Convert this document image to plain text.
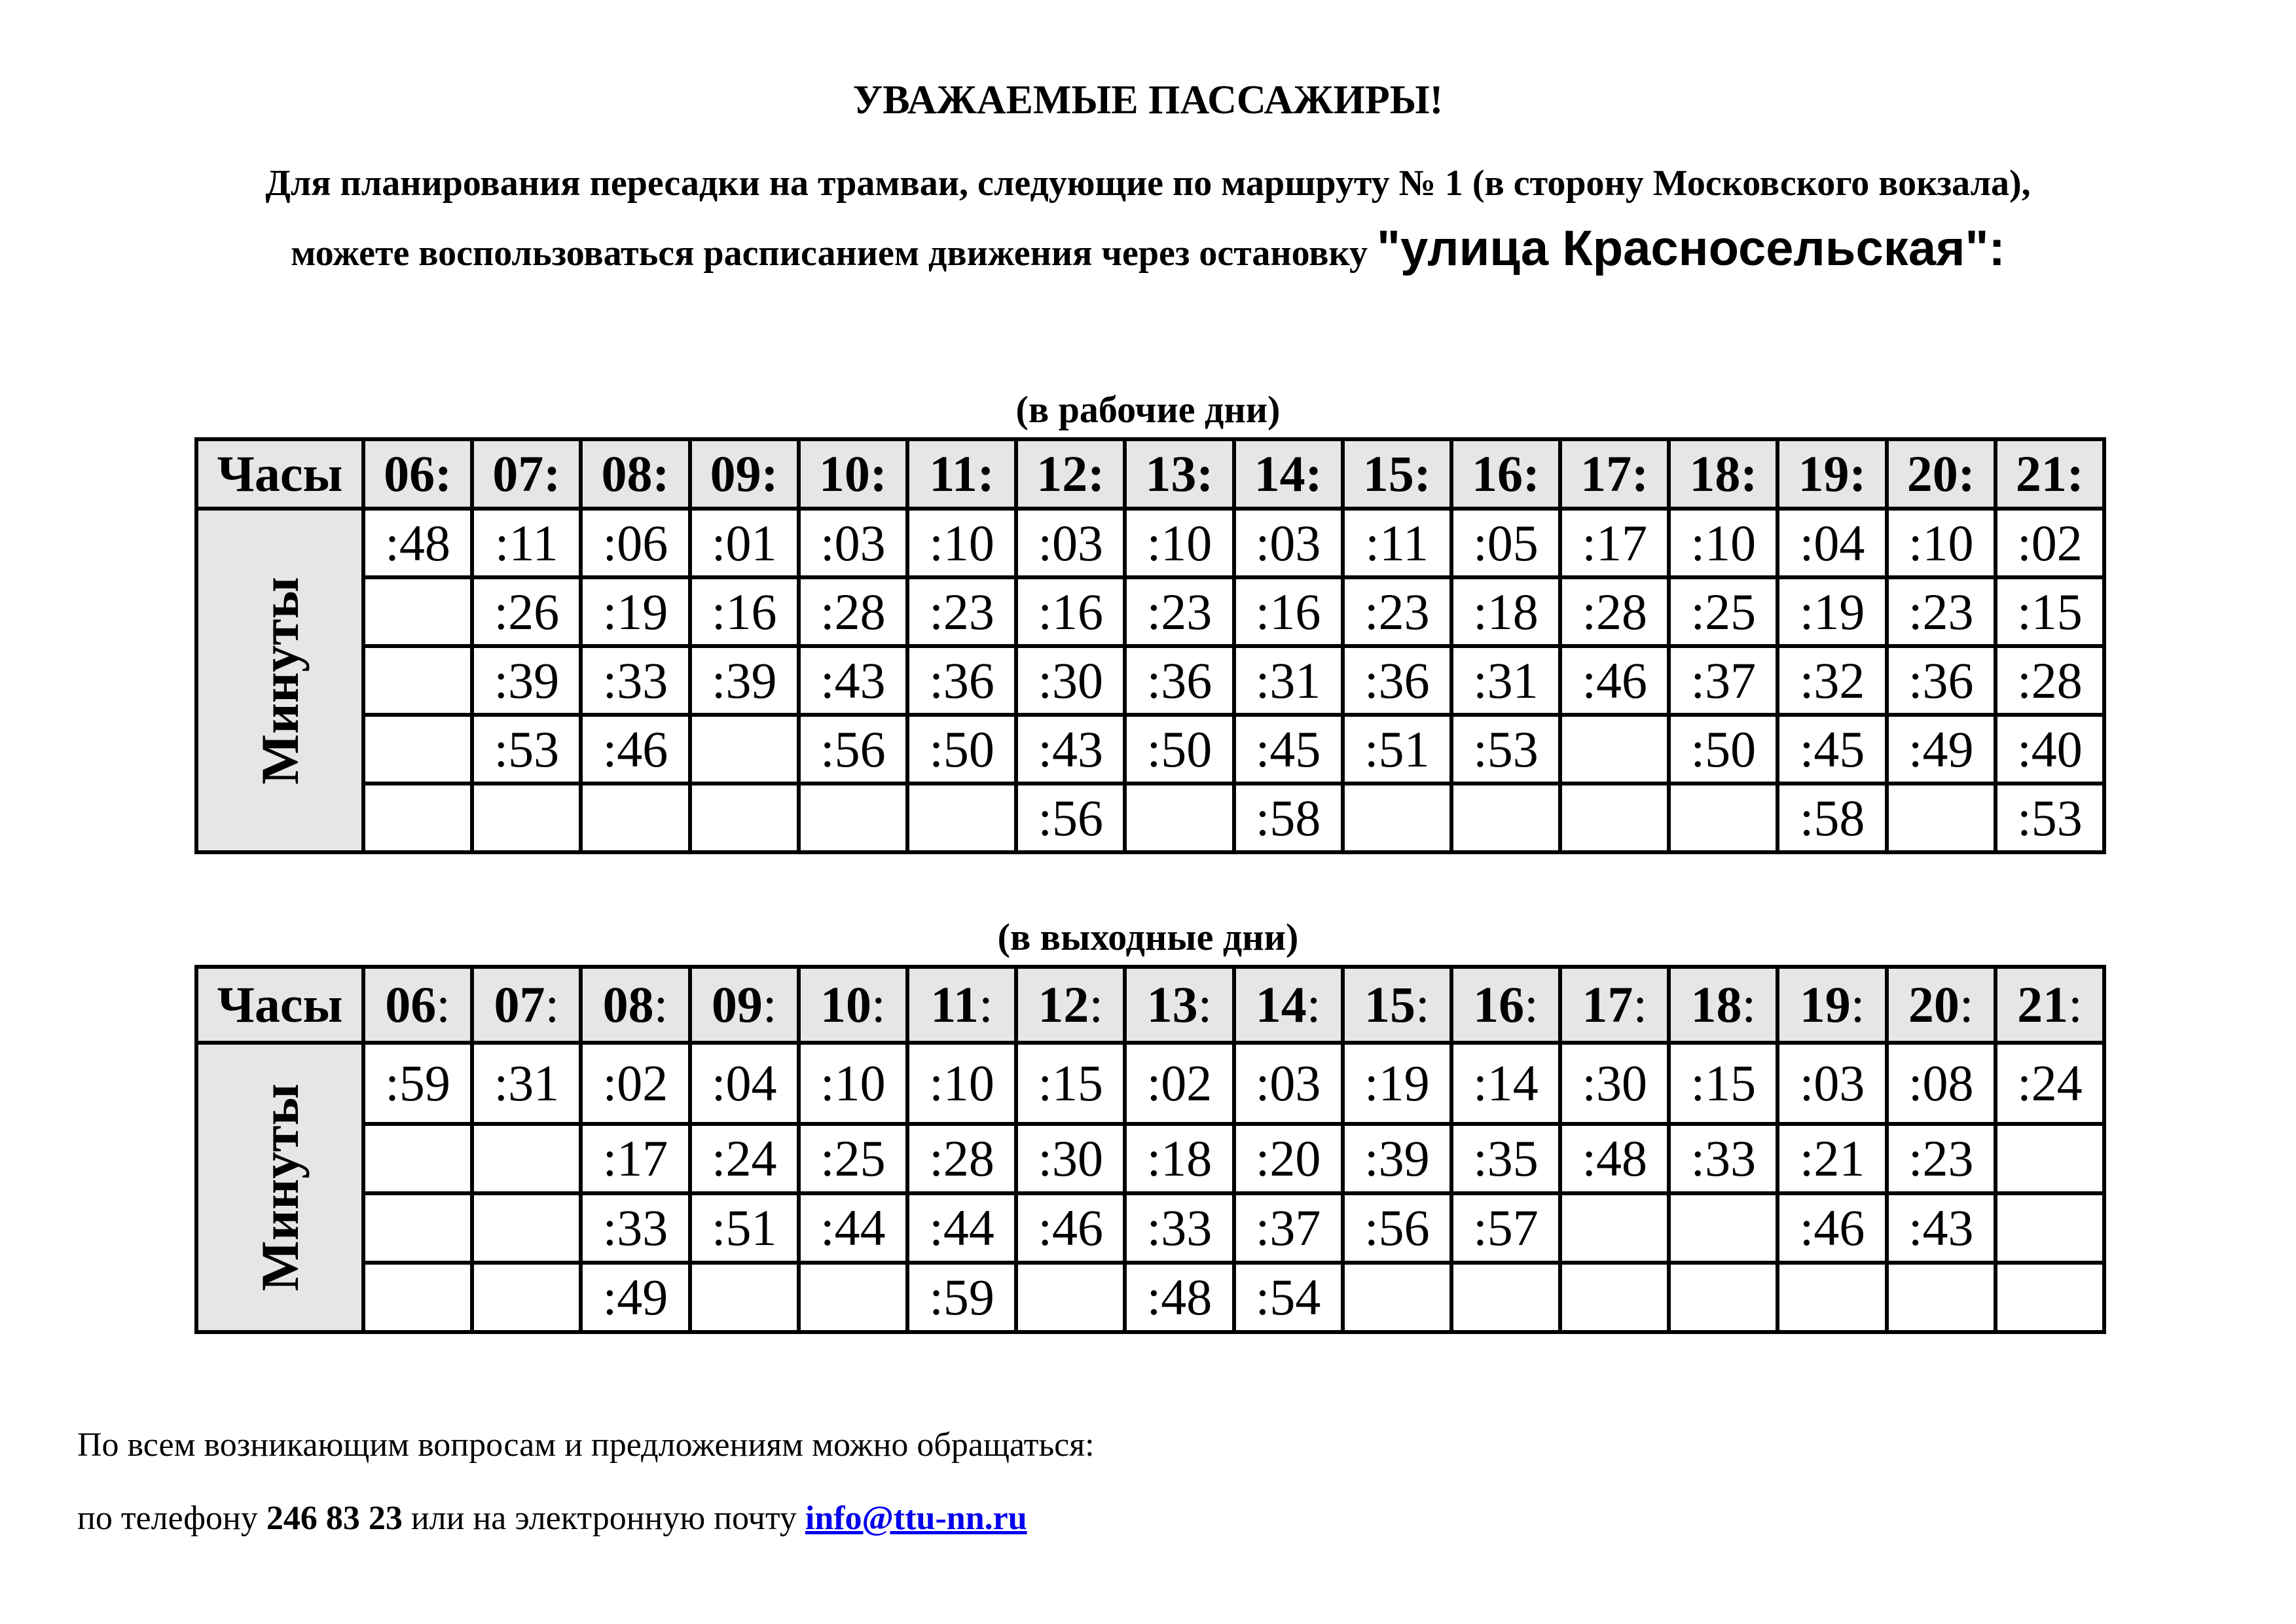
УВАЖАЕМЫЕ ПАССАЖИРЫ!

Для планирования пересадки на трамваи, следующие по маршруту № 1 (в сторону Московского вокзала),

можете воспользоваться расписанием движения через остановку "улица Красносельская":

(в рабочие дни)

Часы	06:	07:	08:	09:	10:	11:	12:	13:	14:	15:	16:	17:	18:	19:	20:	21:

Минуты	:48	:11	:06	:01	:03	:10	:03	:10	:03	:11	:05	:17	:10	:04	:10	:02
		:26	:19	:16	:28	:23	:16	:23	:16	:23	:18	:28	:25	:19	:23	:15
		:39	:33	:39	:43	:36	:30	:36	:31	:36	:31	:46	:37	:32	:36	:28
		:53	:46		:56	:50	:43	:50	:45	:51	:53		:50	:45	:49	:40
							:56		:58					:58		:53

(в выходные дни)

Часы	06:	07:	08:	09:	10:	11:	12:	13:	14:	15:	16:	17:	18:	19:	20:	21:

Минуты	:59	:31	:02	:04	:10	:10	:15	:02	:03	:19	:14	:30	:15	:03	:08	:24
			:17	:24	:25	:28	:30	:18	:20	:39	:35	:48	:33	:21	:23	
			:33	:51	:44	:44	:46	:33	:37	:56	:57			:46	:43	
			:49			:59		:48	:54							

По всем возникающим вопросам и предложениям можно обращаться:

по телефону 246 83 23 или на электронную почту info@ttu-nn.ru
